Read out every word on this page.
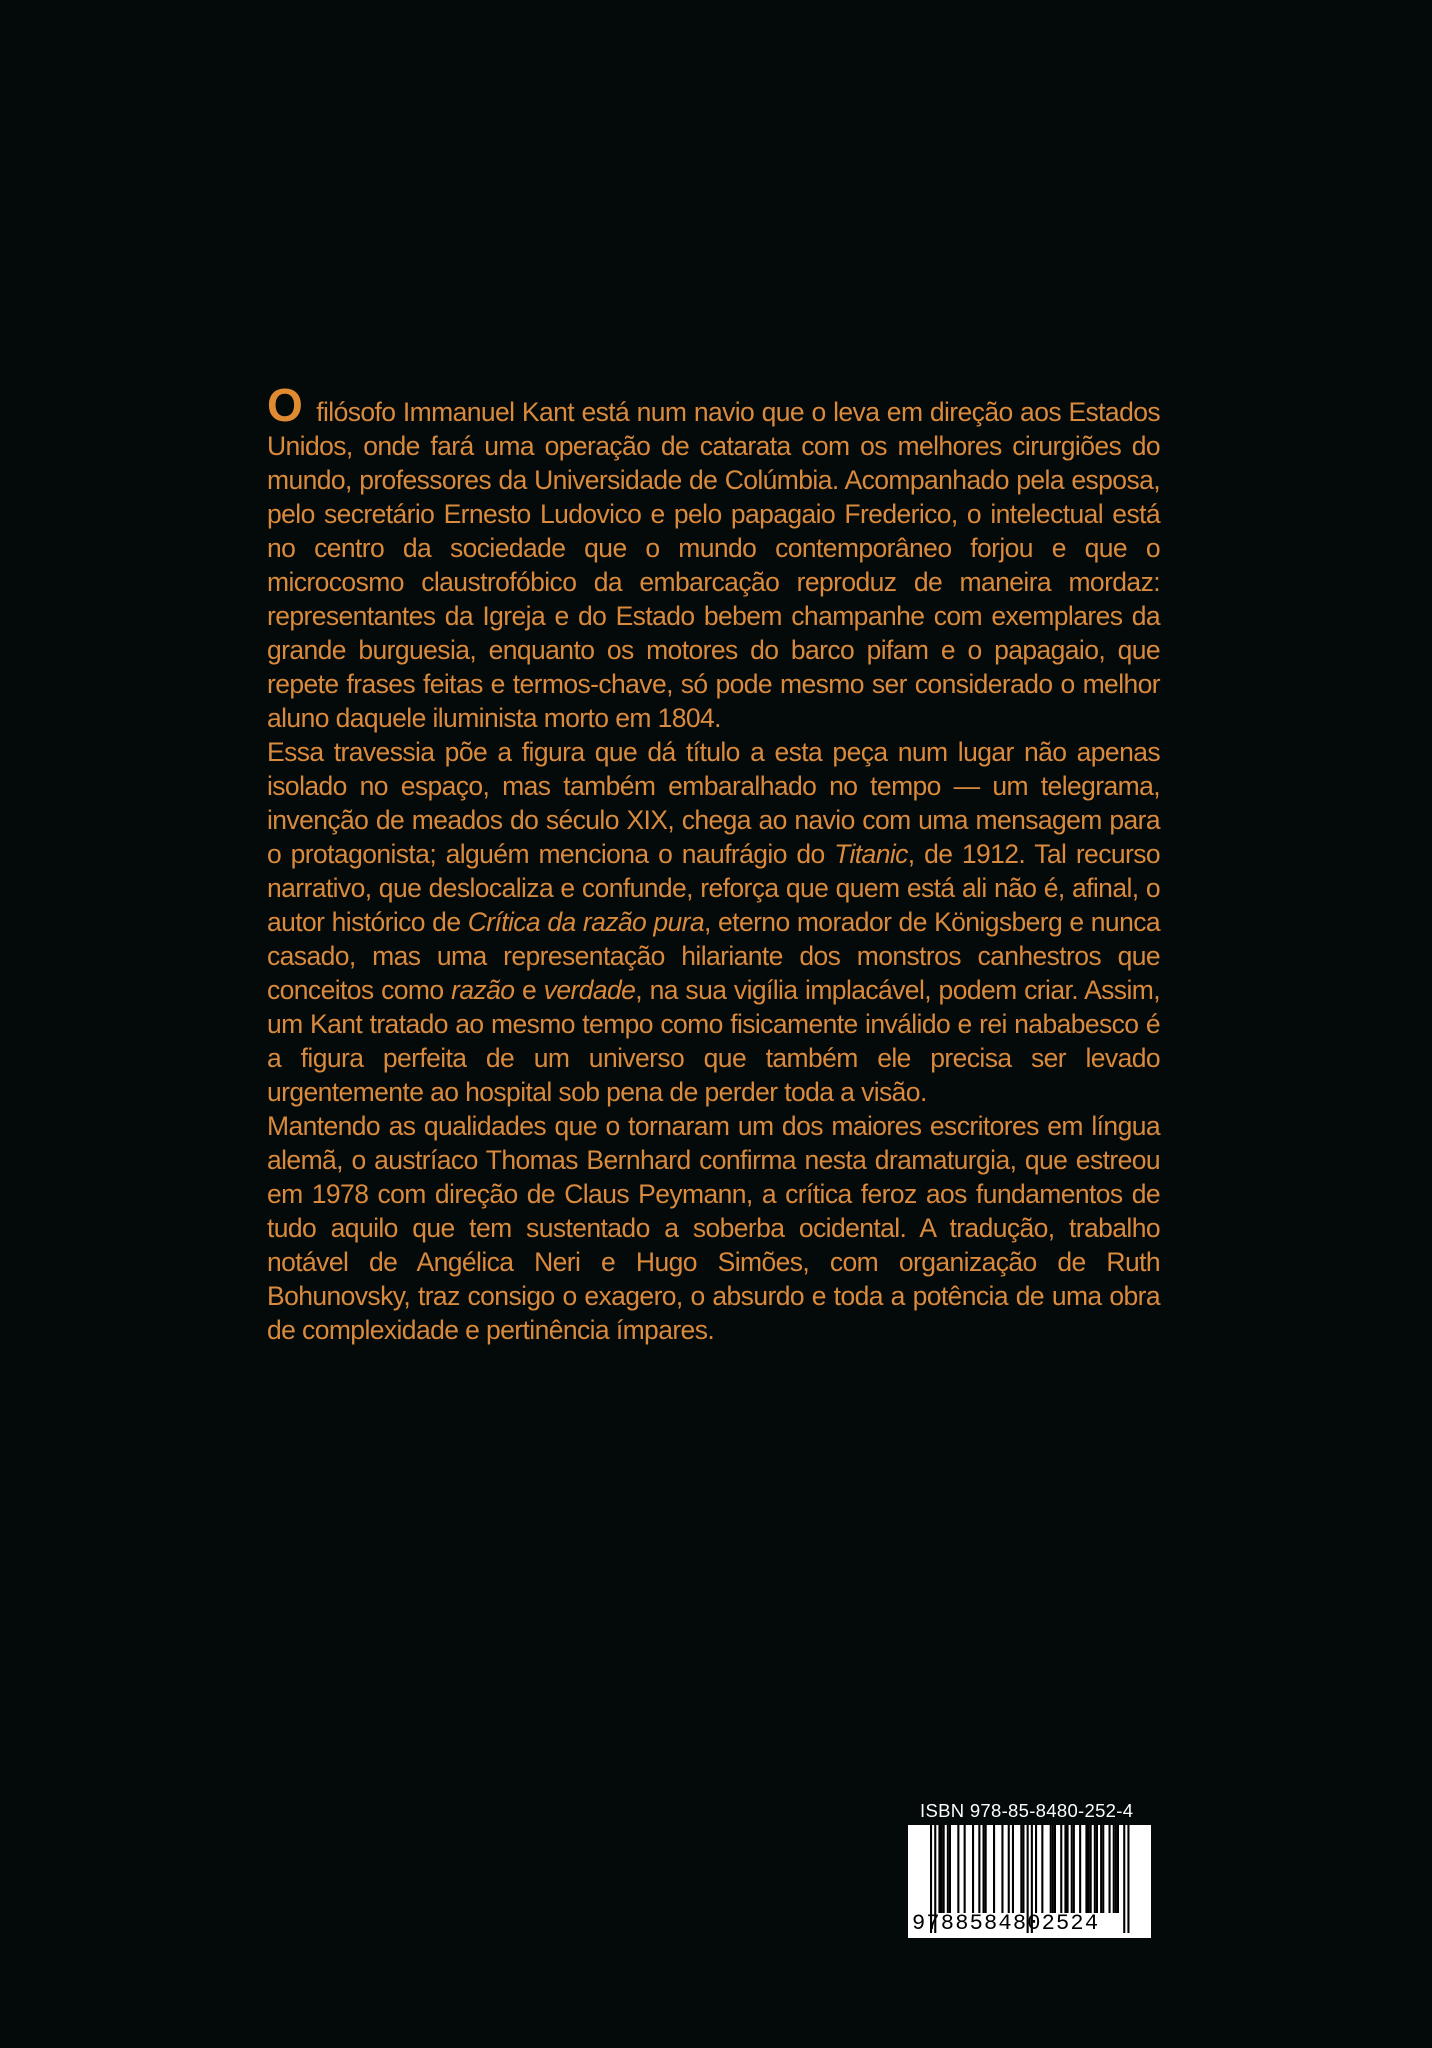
O filósofo Immanuel Kant está num navio que o leva em direção aos Estados Unidos, onde fará uma operação de catarata com os melhores cirurgiões do mundo, professores da Universidade de Colúmbia. Acompanhado pela esposa, pelo secretário Ernesto Ludovico e pelo papagaio Frederico, o intelectual está no centro da sociedade que o mundo contemporâneo forjou e que o microcosmo claustrofóbico da embarcação reproduz de maneira mordaz: representantes da Igreja e do Estado bebem champanhe com exemplares da grande burguesia, enquanto os motores do barco pifam e o papagaio, que repete frases feitas e termos-chave, só pode mesmo ser considerado o melhor aluno daquele iluminista morto em 1804.

Essa travessia põe a figura que dá título a esta peça num lugar não apenas isolado no espaço, mas também embaralhado no tempo — um telegrama, invenção de meados do século XIX, chega ao navio com uma mensagem para o protagonista; alguém menciona o naufrágio do Titanic, de 1912. Tal recurso narrativo, que deslocaliza e confunde, reforça que quem está ali não é, afinal, o autor histórico de Crítica da razão pura, eterno morador de Königsberg e nunca casado, mas uma representação hilariante dos monstros canhestros que conceitos como razão e verdade, na sua vigília implacável, podem criar. Assim, um Kant tratado ao mesmo tempo como fisicamente inválido e rei nababesco é a figura perfeita de um universo que também ele precisa ser levado urgentemente ao hospital sob pena de perder toda a visão.

Mantendo as qualidades que o tornaram um dos maiores escritores em língua alemã, o austríaco Thomas Bernhard confirma nesta dramaturgia, que estreou em 1978 com direção de Claus Peymann, a crítica feroz aos fundamentos de tudo aquilo que tem sustentado a soberba ocidental. A tradução, trabalho notável de Angélica Neri e Hugo Simões, com organização de Ruth Bohunovsky, traz consigo o exagero, o absurdo e toda a potência de uma obra de complexidade e pertinência ímpares.

ISBN 978-85-8480-252-4
9788584802524
